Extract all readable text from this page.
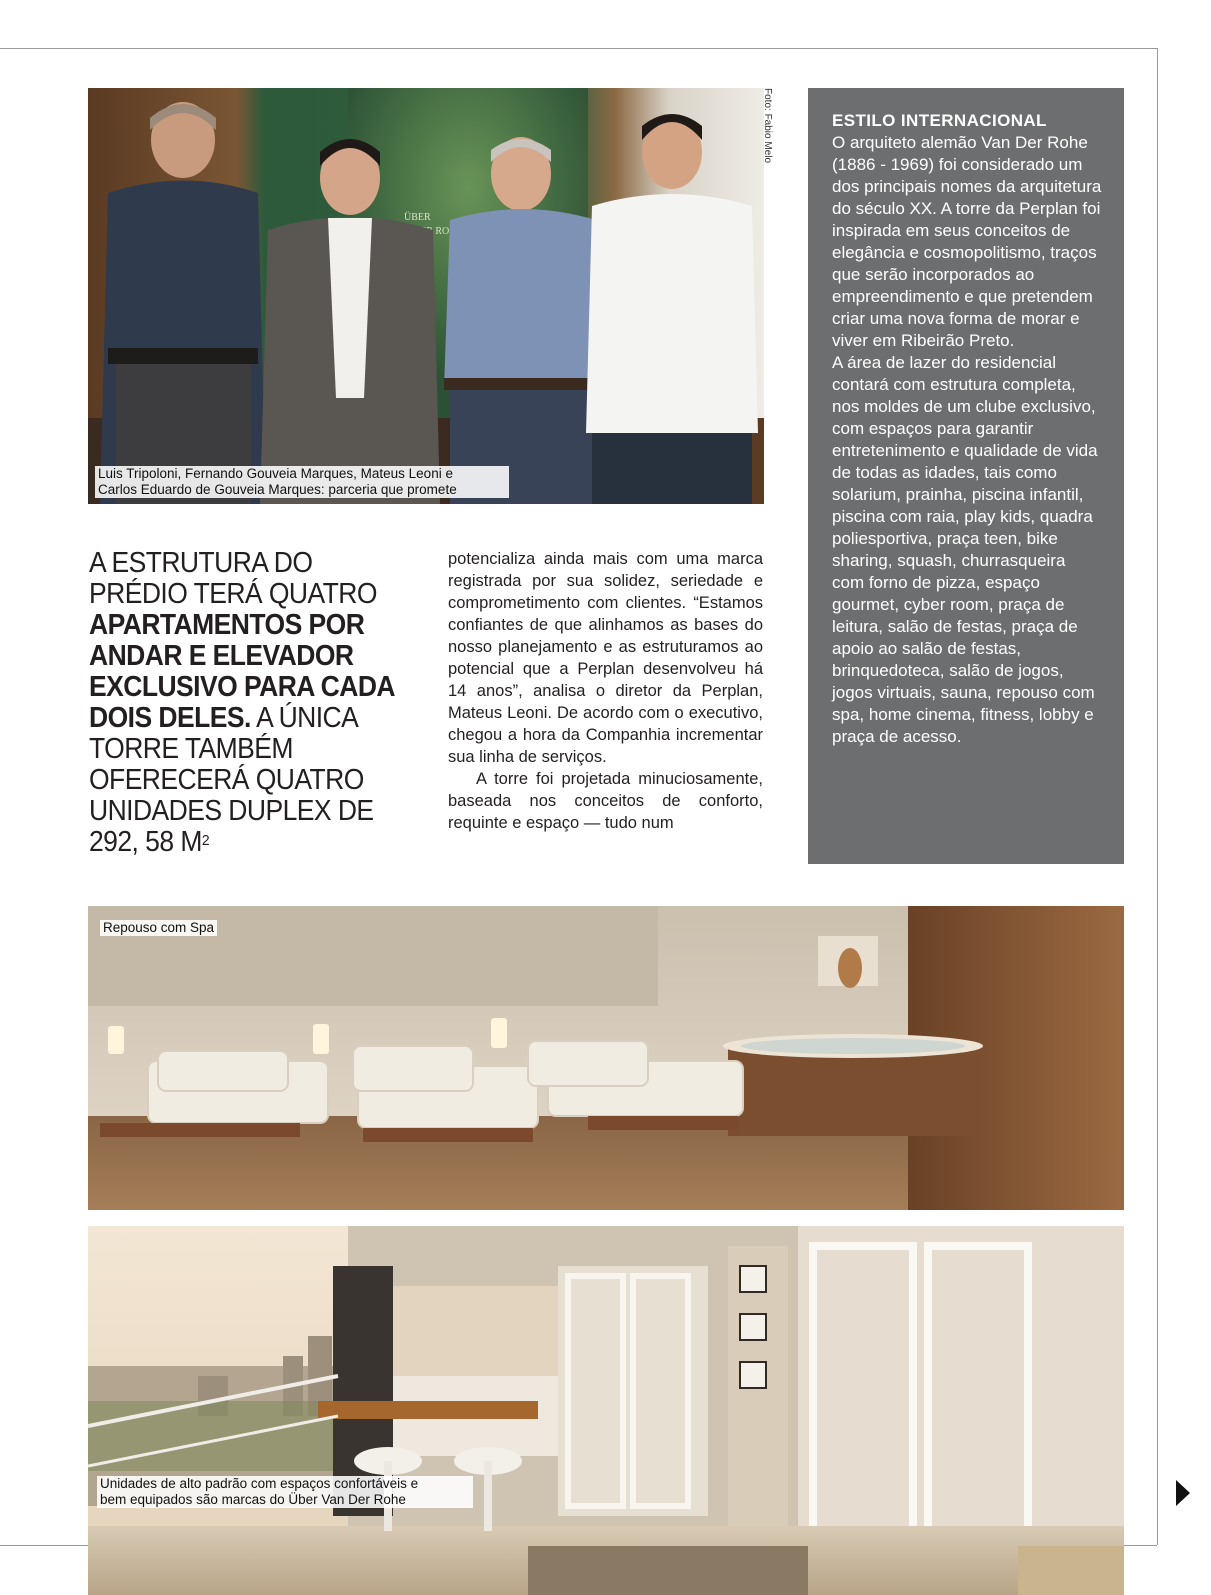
ÜBER
ROHE
Foto: Fabio Melo
Luis Tripoloni, Fernando Gouveia Marques, Mateus Leoni e
Carlos Eduardo de Gouveia Marques: parceria que promete
A ESTRUTURA DO PRÉDIO TERÁ QUATRO APARTAMENTOS POR ANDAR E ELEVADOR EXCLUSIVO PARA CADA DOIS DELES. A ÚNICA TORRE TAMBÉM OFERECERÁ QUATRO UNIDADES DUPLEX DE 292, 58 $M^2$

potencializa ainda mais com uma marca registrada por sua solidez, seriedade e comprometimento com clientes. “Estamos confiantes de que alinhamos as bases do nosso planejamento e as estruturamos ao potencial que a Perplan desenvolveu há 14 anos”, analisa o diretor da Perplan, Mateus Leoni. De acordo com o executivo, chegou a hora da Companhia incrementar sua linha de serviços.

A torre foi projetada minuciosamente, baseada nos conceitos de conforto, requinte e espaço — tudo num

ESTILO INTERNACIONAL

O arquiteto alemão Van Der Rohe (1886 - 1969) foi considerado um dos principais nomes da arquitetura do século XX. A torre da Perplan foi inspirada em seus conceitos de elegância e cosmopolitismo, traços que serão incorporados ao empreendimento e que pretendem criar uma nova forma de morar e viver em Ribeirão Preto.

A área de lazer do residencial contará com estrutura completa, nos moldes de um clube exclusivo, com espaços para garantir entretenimento e qualidade de vida de todas as idades, tais como solarium, prainha, piscina infantil, piscina com raia, play kids, quadra poliesportiva, praça teen, bike sharing, squash, churrasqueira com forno de pizza, espaço gourmet, cyber room, praça de leitura, salão de festas, praça de apoio ao salão de festas, brinquedoteca, salão de jogos, jogos virtuais, sauna, repouso com spa, home cinema, fitness, lobby e praça de acesso.

Repouso com Spa
Unidades de alto padrão com espaços confortáveis e
bem equipados são marcas do Über Van Der Rohe
